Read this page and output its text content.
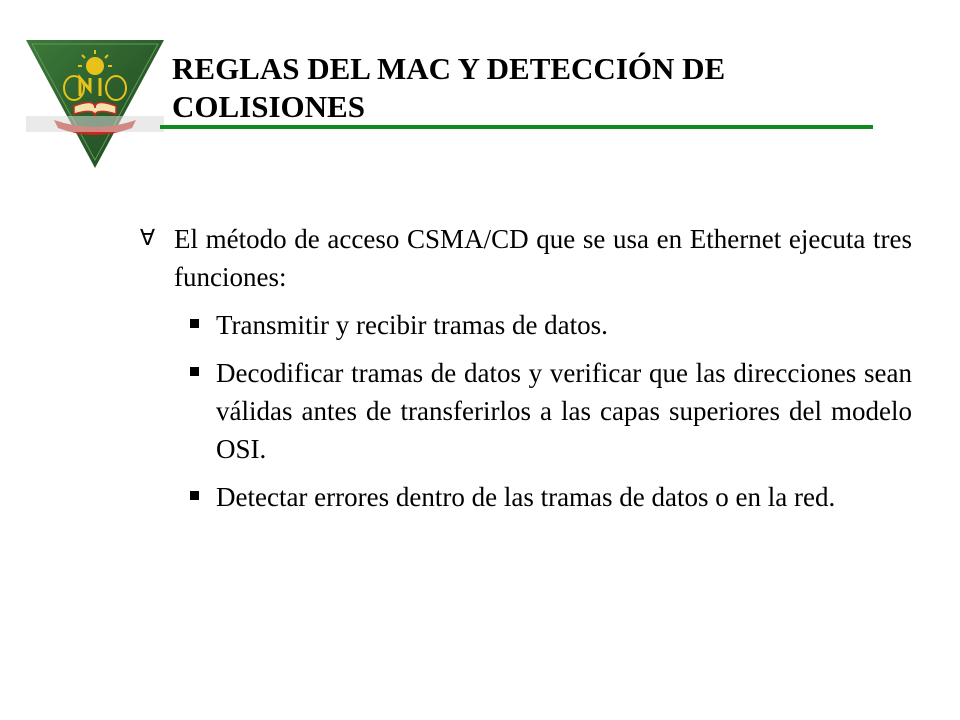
REGLAS DEL MAC Y DETECCIÓN DE
COLISIONES
∀ El método de acceso CSMA/CD que se usa en Ethernet ejecuta tres funciones:
Transmitir y recibir tramas de datos.
Decodificar tramas de datos y verificar que las direcciones sean válidas antes de transferirlos a las capas superiores del modelo OSI.
Detectar errores dentro de las tramas de datos o en la red.
